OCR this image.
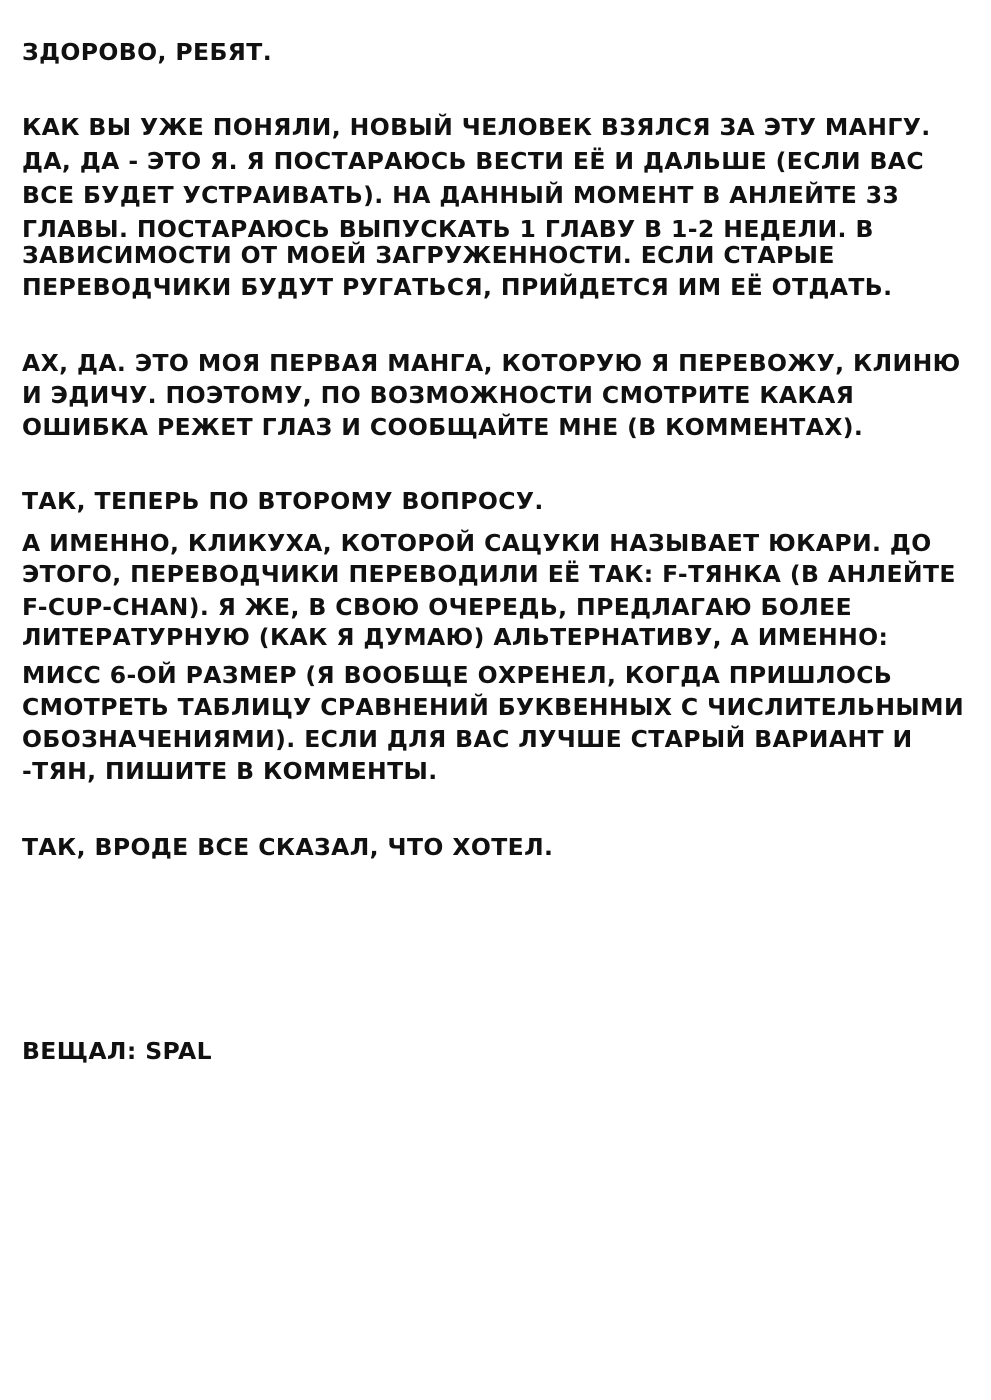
ЗДОРОВО, РЕБЯТ.
КАК ВЫ УЖЕ ПОНЯЛИ, НОВЫЙ ЧЕЛОВЕК ВЗЯЛСЯ ЗА ЭТУ МАНГУ.
ДА, ДА - ЭТО Я. Я ПОСТАРАЮСЬ ВЕСТИ ЕЁ И ДАЛЬШЕ (ЕСЛИ ВАС
ВСЕ БУДЕТ УСТРАИВАТЬ). НА ДАННЫЙ МОМЕНТ В АНЛЕЙТЕ 33
ГЛАВЫ. ПОСТАРАЮСЬ ВЫПУСКАТЬ 1 ГЛАВУ В 1-2 НЕДЕЛИ. В
ЗАВИСИМОСТИ ОТ МОЕЙ ЗАГРУЖЕННОСТИ. ЕСЛИ СТАРЫЕ
ПЕРЕВОДЧИКИ БУДУТ РУГАТЬСЯ, ПРИЙДЕТСЯ ИМ ЕЁ ОТДАТЬ.
АХ, ДА. ЭТО МОЯ ПЕРВАЯ МАНГА, КОТОРУЮ Я ПЕРЕВОЖУ, КЛИНЮ
И ЭДИЧУ. ПОЭТОМУ, ПО ВОЗМОЖНОСТИ СМОТРИТЕ КАКАЯ
ОШИБКА РЕЖЕТ ГЛАЗ И СООБЩАЙТЕ МНЕ (В КОММЕНТАХ).
ТАК, ТЕПЕРЬ ПО ВТОРОМУ ВОПРОСУ.
А ИМЕННО, КЛИКУХА, КОТОРОЙ САЦУКИ НАЗЫВАЕТ ЮКАРИ. ДО
ЭТОГО, ПЕРЕВОДЧИКИ ПЕРЕВОДИЛИ ЕЁ ТАК: F-ТЯНКА (В АНЛЕЙТЕ
F-CUP-CHAN). Я ЖЕ, В СВОЮ ОЧЕРЕДЬ, ПРЕДЛАГАЮ БОЛЕЕ
ЛИТЕРАТУРНУЮ (КАК Я ДУМАЮ) АЛЬТЕРНАТИВУ, А ИМЕННО:
МИСС 6-ОЙ РАЗМЕР (Я ВООБЩЕ ОХРЕНЕЛ, КОГДА ПРИШЛОСЬ
СМОТРЕТЬ ТАБЛИЦУ СРАВНЕНИЙ БУКВЕННЫХ С ЧИСЛИТЕЛЬНЫМИ
ОБОЗНАЧЕНИЯМИ). ЕСЛИ ДЛЯ ВАС ЛУЧШЕ СТАРЫЙ ВАРИАНТ И
-ТЯН, ПИШИТЕ В КОММЕНТЫ.
ТАК, ВРОДЕ ВСЕ СКАЗАЛ, ЧТО ХОТЕЛ.
ВЕЩАЛ: SPAL
